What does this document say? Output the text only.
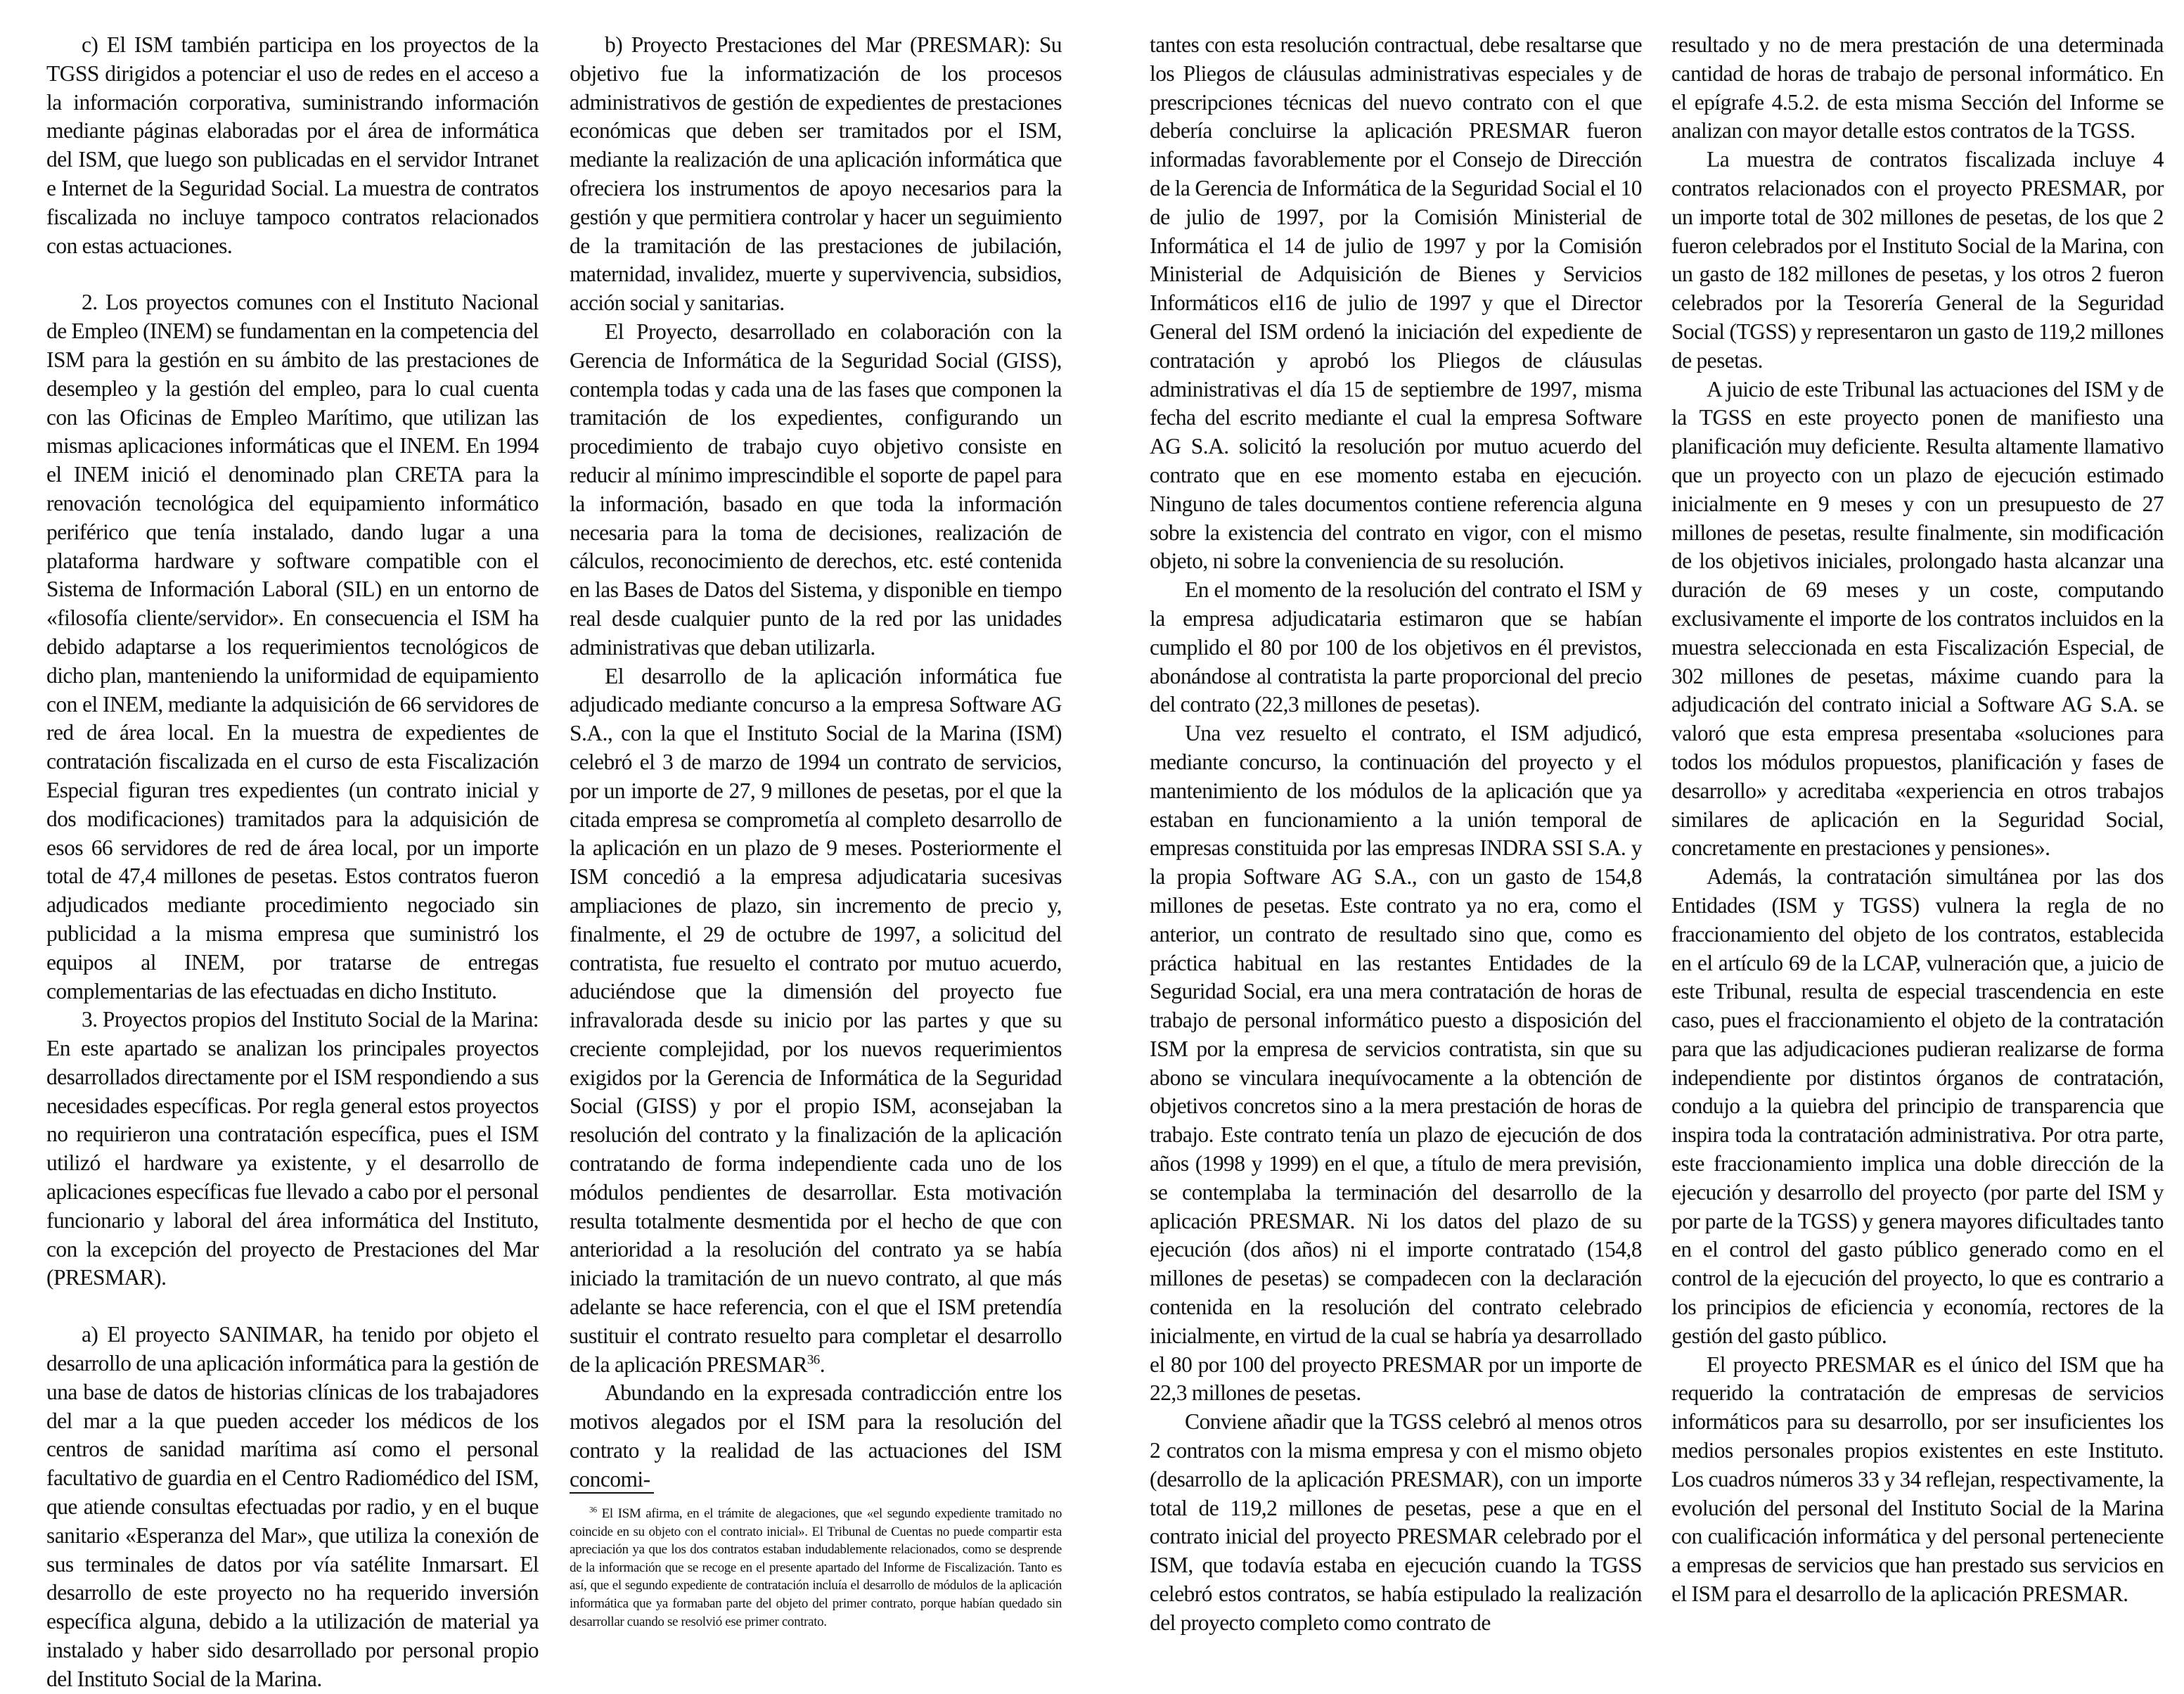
c) El ISM también participa en los proyectos de la TGSS dirigidos a potenciar el uso de redes en el acceso a la información corporativa, suministrando información mediante páginas elaboradas por el área de informática del ISM, que luego son publicadas en el servidor Intranet e Internet de la Seguridad Social. La muestra de contratos fiscalizada no incluye tampoco contratos relacionados con estas actuaciones.

2. Los proyectos comunes con el Instituto Nacional de Empleo (INEM) se fundamentan en la competencia del ISM para la gestión en su ámbito de las prestaciones de desempleo y la gestión del empleo, para lo cual cuenta con las Oficinas de Empleo Marítimo, que utilizan las mismas aplicaciones informáticas que el INEM. En 1994 el INEM inició el denominado plan CRETA para la renovación tecnológica del equipamiento informático periférico que tenía instalado, dando lugar a una plataforma hardware y software compatible con el Sistema de Información Laboral (SIL) en un entorno de «filosofía cliente/servidor». En consecuencia el ISM ha debido adaptarse a los requerimientos tecnológicos de dicho plan, manteniendo la uniformidad de equipamiento con el INEM, mediante la adquisición de 66 servidores de red de área local. En la muestra de expedientes de contratación fiscalizada en el curso de esta Fiscalización Especial figuran tres expedientes (un contrato inicial y dos modificaciones) tramitados para la adquisición de esos 66 servidores de red de área local, por un importe total de 47,4 millones de pesetas. Estos contratos fueron adjudicados mediante procedimiento negociado sin publicidad a la misma empresa que suministró los equipos al INEM, por tratarse de entregas complementarias de las efectuadas en dicho Instituto.

3. Proyectos propios del Instituto Social de la Marina: En este apartado se analizan los principales proyectos desarrollados directamente por el ISM respondiendo a sus necesidades específicas. Por regla general estos proyectos no requirieron una contratación específica, pues el ISM utilizó el hardware ya existente, y el desarrollo de aplicaciones específicas fue llevado a cabo por el personal funcionario y laboral del área informática del Instituto, con la excepción del proyecto de Prestaciones del Mar (PRESMAR).

a) El proyecto SANIMAR, ha tenido por objeto el desarrollo de una aplicación informática para la gestión de una base de datos de historias clínicas de los trabajadores del mar a la que pueden acceder los médicos de los centros de sanidad marítima así como el personal facultativo de guardia en el Centro Radiomédico del ISM, que atiende consultas efectuadas por radio, y en el buque sanitario «Esperanza del Mar», que utiliza la conexión de sus terminales de datos por vía satélite Inmarsart. El desarrollo de este proyecto no ha requerido inversión específica alguna, debido a la utilización de material ya instalado y haber sido desarrollado por personal propio del Instituto Social de la Marina.

b) Proyecto Prestaciones del Mar (PRESMAR): Su objetivo fue la informatización de los procesos administrativos de gestión de expedientes de prestaciones económicas que deben ser tramitados por el ISM, mediante la realización de una aplicación informática que ofreciera los instrumentos de apoyo necesarios para la gestión y que permitiera controlar y hacer un seguimiento de la tramitación de las prestaciones de jubilación, maternidad, invalidez, muerte y supervivencia, subsidios, acción social y sanitarias.

El Proyecto, desarrollado en colaboración con la Gerencia de Informática de la Seguridad Social (GISS), contempla todas y cada una de las fases que componen la tramitación de los expedientes, configurando un procedimiento de trabajo cuyo objetivo consiste en reducir al mínimo imprescindible el soporte de papel para la información, basado en que toda la información necesaria para la toma de decisiones, realización de cálculos, reconocimiento de derechos, etc. esté contenida en las Bases de Datos del Sistema, y disponible en tiempo real desde cualquier punto de la red por las unidades administrativas que deban utilizarla.

El desarrollo de la aplicación informática fue adjudicado mediante concurso a la empresa Software AG S.A., con la que el Instituto Social de la Marina (ISM) celebró el 3 de marzo de 1994 un contrato de servicios, por un importe de 27, 9 millones de pesetas, por el que la citada empresa se comprometía al completo desarrollo de la aplicación en un plazo de 9 meses. Posteriormente el ISM concedió a la empresa adjudicataria sucesivas ampliaciones de plazo, sin incremento de precio y, finalmente, el 29 de octubre de 1997, a solicitud del contratista, fue resuelto el contrato por mutuo acuerdo, aduciéndose que la dimensión del proyecto fue infravalorada desde su inicio por las partes y que su creciente complejidad, por los nuevos requerimientos exigidos por la Gerencia de Informática de la Seguridad Social (GISS) y por el propio ISM, aconsejaban la resolución del contrato y la finalización de la aplicación contratando de forma independiente cada uno de los módulos pendientes de desarrollar. Esta motivación resulta totalmente desmentida por el hecho de que con anterioridad a la resolución del contrato ya se había iniciado la tramitación de un nuevo contrato, al que más adelante se hace referencia, con el que el ISM pretendía sustituir el contrato resuelto para completar el desarrollo de la aplicación PRESMAR$^{36}$.

Abundando en la expresada contradicción entre los motivos alegados por el ISM para la resolución del contrato y la realidad de las actuaciones del ISM concomi-

$^{36}$ El ISM afirma, en el trámite de alegaciones, que «el segundo expediente tramitado no coincide en su objeto con el contrato inicial». El Tribunal de Cuentas no puede compartir esta apreciación ya que los dos contratos estaban indudablemente relacionados, como se desprende de la información que se recoge en el presente apartado del Informe de Fiscalización. Tanto es así, que el segundo expediente de contratación incluía el desarrollo de módulos de la aplicación informática que ya formaban parte del objeto del primer contrato, porque habían quedado sin desarrollar cuando se resolvió ese primer contrato.

tantes con esta resolución contractual, debe resaltarse que los Pliegos de cláusulas administrativas especiales y de prescripciones técnicas del nuevo contrato con el que debería concluirse la aplicación PRESMAR fueron informadas favorablemente por el Consejo de Dirección de la Gerencia de Informática de la Seguridad Social el 10 de julio de 1997, por la Comisión Ministerial de Informática el 14 de julio de 1997 y por la Comisión Ministerial de Adquisición de Bienes y Servicios Informáticos el16 de julio de 1997 y que el Director General del ISM ordenó la iniciación del expediente de contratación y aprobó los Pliegos de cláusulas administrativas el día 15 de septiembre de 1997, misma fecha del escrito mediante el cual la empresa Software AG S.A. solicitó la resolución por mutuo acuerdo del contrato que en ese momento estaba en ejecución. Ninguno de tales documentos contiene referencia alguna sobre la existencia del contrato en vigor, con el mismo objeto, ni sobre la conveniencia de su resolución.

En el momento de la resolución del contrato el ISM y la empresa adjudicataria estimaron que se habían cumplido el 80 por 100 de los objetivos en él previstos, abonándose al contratista la parte proporcional del precio del contrato (22,3 millones de pesetas).

Una vez resuelto el contrato, el ISM adjudicó, mediante concurso, la continuación del proyecto y el mantenimiento de los módulos de la aplicación que ya estaban en funcionamiento a la unión temporal de empresas constituida por las empresas INDRA SSI S.A. y la propia Software AG S.A., con un gasto de 154,8 millones de pesetas. Este contrato ya no era, como el anterior, un contrato de resultado sino que, como es práctica habitual en las restantes Entidades de la Seguridad Social, era una mera contratación de horas de trabajo de personal informático puesto a disposición del ISM por la empresa de servicios contratista, sin que su abono se vinculara inequívocamente a la obtención de objetivos concretos sino a la mera prestación de horas de trabajo. Este contrato tenía un plazo de ejecución de dos años (1998 y 1999) en el que, a título de mera previsión, se contemplaba la terminación del desarrollo de la aplicación PRESMAR. Ni los datos del plazo de su ejecución (dos años) ni el importe contratado (154,8 millones de pesetas) se compadecen con la declaración contenida en la resolución del contrato celebrado inicialmente, en virtud de la cual se habría ya desarrollado el 80 por 100 del proyecto PRESMAR por un importe de 22,3 millones de pesetas.

Conviene añadir que la TGSS celebró al menos otros 2 contratos con la misma empresa y con el mismo objeto (desarrollo de la aplicación PRESMAR), con un importe total de 119,2 millones de pesetas, pese a que en el contrato inicial del proyecto PRESMAR celebrado por el ISM, que todavía estaba en ejecución cuando la TGSS celebró estos contratos, se había estipulado la realización del proyecto completo como contrato de

resultado y no de mera prestación de una determinada cantidad de horas de trabajo de personal informático. En el epígrafe 4.5.2. de esta misma Sección del Informe se analizan con mayor detalle estos contratos de la TGSS.

La muestra de contratos fiscalizada incluye 4 contratos relacionados con el proyecto PRESMAR, por un importe total de 302 millones de pesetas, de los que 2 fueron celebrados por el Instituto Social de la Marina, con un gasto de 182 millones de pesetas, y los otros 2 fueron celebrados por la Tesorería General de la Seguridad Social (TGSS) y representaron un gasto de 119,2 millones de pesetas.

A juicio de este Tribunal las actuaciones del ISM y de la TGSS en este proyecto ponen de manifiesto una planificación muy deficiente. Resulta altamente llamativo que un proyecto con un plazo de ejecución estimado inicialmente en 9 meses y con un presupuesto de 27 millones de pesetas, resulte finalmente, sin modificación de los objetivos iniciales, prolongado hasta alcanzar una duración de 69 meses y un coste, computando exclusivamente el importe de los contratos incluidos en la muestra seleccionada en esta Fiscalización Especial, de 302 millones de pesetas, máxime cuando para la adjudicación del contrato inicial a Software AG S.A. se valoró que esta empresa presentaba «soluciones para todos los módulos propuestos, planificación y fases de desarrollo» y acreditaba «experiencia en otros trabajos similares de aplicación en la Seguridad Social, concretamente en prestaciones y pensiones».

Además, la contratación simultánea por las dos Entidades (ISM y TGSS) vulnera la regla de no fraccionamiento del objeto de los contratos, establecida en el artículo 69 de la LCAP, vulneración que, a juicio de este Tribunal, resulta de especial trascendencia en este caso, pues el fraccionamiento el objeto de la contratación para que las adjudicaciones pudieran realizarse de forma independiente por distintos órganos de contratación, condujo a la quiebra del principio de transparencia que inspira toda la contratación administrativa. Por otra parte, este fraccionamiento implica una doble dirección de la ejecución y desarrollo del proyecto (por parte del ISM y por parte de la TGSS) y genera mayores dificultades tanto en el control del gasto público generado como en el control de la ejecución del proyecto, lo que es contrario a los principios de eficiencia y economía, rectores de la gestión del gasto público.

El proyecto PRESMAR es el único del ISM que ha requerido la contratación de empresas de servicios informáticos para su desarrollo, por ser insuficientes los medios personales propios existentes en este Instituto. Los cuadros números 33 y 34 reflejan, respectivamente, la evolución del personal del Instituto Social de la Marina con cualificación informática y del personal perteneciente a empresas de servicios que han prestado sus servicios en el ISM para el desarrollo de la aplicación PRESMAR.
